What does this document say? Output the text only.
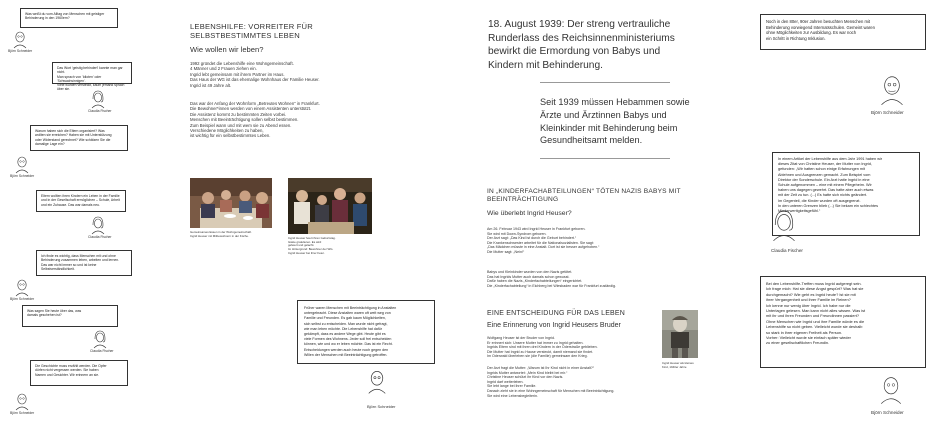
Was weißt du vom Alltag von Menschen mit geistiger
Behinderung in den 1960ern?
Das Wort 'geistig behindert' kannte man gar nicht.
Man sprach von 'Idioten' oder 'Schwachsinnigen'.
Viele wurden versteckt, kaum jemand sprach über sie.
Warum haben sich die Eltern organisiert? Was
wollten sie erreichen? Haben sie mit Unterstützung
oder Widerstand gerechnet? Wie schätzen Sie die
damalige Lage ein?
Eltern wollten ihren Kindern ein Leben in der Familie
und in der Gesellschaft ermöglichen – Schule, Arbeit
und ein Zuhause. Das war damals neu.
Ich finde es wichtig, dass Menschen mit und ohne
Behinderung zusammen leben, arbeiten und lernen.
Das war nicht immer so und ist keine
Selbstverständlichkeit.
Was sagen Sie heute über das, was
damals geschehen ist?
Die Geschichte muss erzählt werden. Die Opfer
dürfen nicht vergessen werden. Sie haben
Namen und Gesichter. Wir erinnern an sie.
Björn Schneider
Claudia Fischer
Björn Schneider
Claudia Fischer
Björn Schneider
Claudia Fischer
Björn Schneider
LEBENSHILFE: VORREITER FÜR SELBSTBESTIMMTES LEBEN
Wie wollen wir leben?
1992 gründet die Lebenshilfe eine Wohngemeinschaft.
4 Männer und 2 Frauen ziehen ein.
Ingrid lebt gemeinsam mit ihrem Partner im Haus.
Das Haus der WG ist das ehemalige Wohnhaus der Familie Heuser.
Ingrid ist 49 Jahre alt.
Das war der Anfang der Wohnform „Betreutes Wohnen“ in Frankfurt.
Die Bewohner*innen werden von einem Assistenten unterstützt.
Die Assistenz kommt zu bestimmten Zeiten vorbei.
Menschen mit Beeinträchtigung sollen selbst bestimmen.
Zum Beispiel wann und mit wem sie zu Abend essen.
Verschiedene Möglichkeiten zu haben,
ist wichtig für ein selbstbestimmtes Leben.
Gemeinsames Essen in der Wohngemeinschaft.
Ingrid Heuser mit Mitbewohnern in der Küche.
Ingrid Heuser feiert ihren Geburtstag.
Gäste gratulieren. Es wird
gefeiert und gelacht.
Im Hintergrund: Bewohner der WG.
Ingrid Heuser bei ihrer Feier.
Früher waren Menschen mit Beeinträchtigung in Anstalten
untergebracht. Diese Anstalten waren oft weit weg von
Familie und Freunden. Es gab kaum Möglichkeiten,
sich selbst zu entscheiden. Man wurde nicht gefragt,
wie man leben möchte. Die Lebenshilfe hat dafür
gekämpft, dass es andere Wege gibt. Heute gibt es
viele Formen des Wohnens. Jeder soll frei entscheiden
können, wie und wo er leben möchte. Das ist ein Recht.
Entscheidungen werden auch heute noch gegen den
Willen der Menschen mit Beeinträchtigung getroffen.
Björn Schneider
18. August 1939: Der streng vertrauliche Runderlass des Reichsinnenministeriums bewirkt die Ermordung von Babys und Kindern mit Behinderung.
Seit 1939 müssen Hebammen sowie Ärzte und Ärztinnen Babys und Kleinkinder mit Behinderung beim Gesundheitsamt melden.
IN „KINDERFACHABTEILUNGEN“ TÖTEN NAZIS BABYS MIT BEEINTRÄCHTIGUNG
Wie überlebt Ingrid Heuser?
Am 26. Februar 1943 wird Ingrid Heuser in Frankfurt geboren.
Sie wird mit Down-Syndrom geboren.
Der Arzt sagt: „Das Kind ist durch die Geburt behindert.“
Die Krankenschwester arbeitet für die Nationalsozialisten. Sie sagt:
„Das Mädchen müsste in eine Anstalt. Dort ist sie besser aufgehoben.“
Die Mutter sagt: „Nein!“
Babys und Kleinkinder wurden von den Nazis getötet.
Das hat Ingrids Mutter auch damals schon gewusst.
Dafür haben die Nazis „Kinderfachabteilungen“ eingerichtet.
Die „Kinderfachabteilung“ in Eichberg bei Wiesbaden war für Frankfurt zuständig.
EINE ENTSCHEIDUNG FÜR DAS LEBEN
Eine Erinnerung von Ingrid Heusers Bruder
Wolfgang Heuser ist der Bruder von Ingrid.
Er erinnert sich: Unsere Mutter hat immer zu Ingrid gehalten.
Ingrids Eltern sind mit ihren drei Kindern in der Oderstraße geblieben.
Die Mutter hat Ingrid zu Hause versteckt, damit niemand sie findet.
Im Oderwald überleben sie (die Familie) gemeinsam den Krieg.
Der Arzt fragt die Mutter: „Warum ist Ihr Kind nicht in einer Anstalt?“
Ingrids Mutter antwortet: „Mein Kind bleibt bei mir.“
Christine Heuser schützt ihr Kind vor den Nazis.
Ingrid darf weiterleben.
Sie lebt lange bei ihrer Familie.
Danach zieht sie in eine Wohngemeinschaft für Menschen mit Beeinträchtigung.
Sie wird eine Lebensbegleiterin.
Ingrid Heuser als kleines
Kind, 1940er Jahre
Noch in den 80er, 90er Jahren besuchten Menschen mit
Behinderung vorwiegend Internatsschulen. Gemeint waren
ohne Möglichkeiten zur Ausbildung. Es war noch
ein Schritt in Richtung Inklusion.
Björn Schneider
In einem Artikel der Lebenshilfe aus dem Jahr 1991 haben wir
dieses Zitat von Christine Heuser, der Mutter von Ingrid,
gefunden: „Wir hatten schon einige Erfahrungen mit
Ablehnen und Ausgrenzen gemacht. Zum Beispiel vom
Direktor der Sonderschule. Ein Arzt hatte Ingrid in eine
Schule aufgenommen – eine mit einem Pflegeheim. Wir
haben uns dagegen gewehrt. Das hatte aber auch etwas
mit der Zeit zu tun. (...) Es hatte sich nichts geändert.
Im Gegenteil, die Kinder wurden oft ausgegrenzt.
In den unteren Grenzen blieb (...) Sie bekam ein schlechtes
Minderwertigkeitsgefühl.“
Claudia Fischer
Bei den Lebenshilfe-Treffen muss Ingrid aufgeregt sein.
Ich frage mich: Hat sie diese Angst gespürt? Was hat sie
durchgemacht? Wie geht es Ingrid heute? Ist sie mit
ihrer Vergangenheit und ihrer Familie im Reinen?
Ich kenne nur wenig über Ingrid. Ich habe nur die
Unterlagen gelesen. Man kann nicht alles wissen. Was ist
mit ihr und ihren Freunden und Freundinnen passiert?
Ohne Menschen wie Ingrid und ihre Familie würde es die
Lebenshilfe so nicht geben. Vielleicht wurde sie deshalb
so stark in ihrer eigenen Freiheit als Person.
Vorher: Vielleicht wurde sie einfach später wieder
zu einer gesellschaftlichen Freundin.
Björn Schneider
